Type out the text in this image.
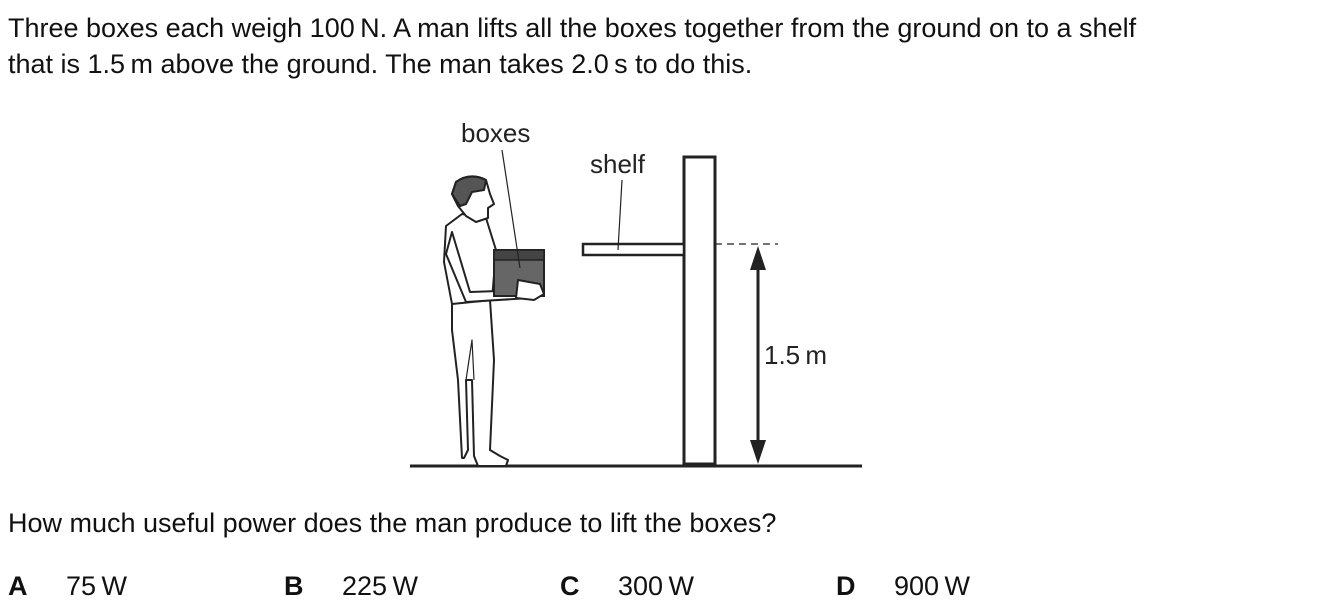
Three boxes each weigh 100 N. A man lifts all the boxes together from the ground on to a shelf
that is 1.5 m above the ground. The man takes 2.0 s to do this.

boxes
shelf
1.5 m

How much useful power does the man produce to lift the boxes?

A 75 W	B 225 W	C 300 W	D 900 W
